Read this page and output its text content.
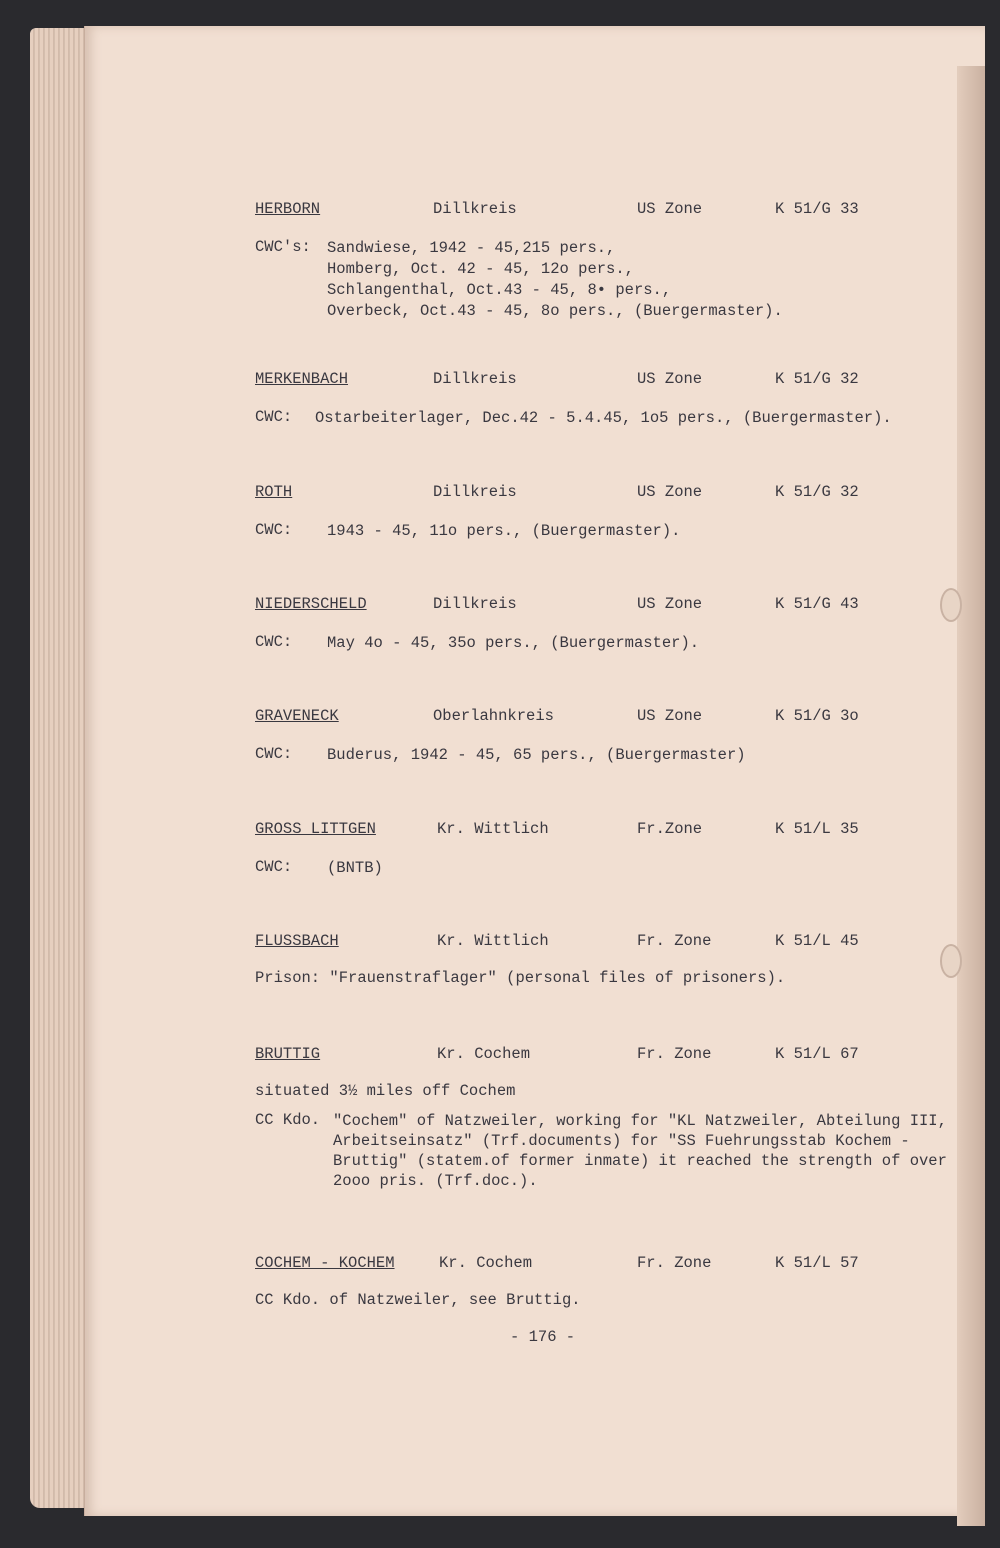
HERBORN	Dillkreis	US Zone	K 51/G 33
CWC's: Sandwiese, 1942 - 45,215 pers.,
Homberg, Oct. 42 - 45, 12o pers.,
Schlangenthal, Oct.43 - 45, 8• pers.,
Overbeck, Oct.43 - 45, 8o pers., (Buergermaster).
MERKENBACH	Dillkreis	US Zone	K 51/G 32
CWC: Ostarbeiterlager, Dec.42 - 5.4.45, 1o5 pers., (Buergermaster).
ROTH	Dillkreis	US Zone	K 51/G 32
CWC: 1943 - 45, 11o pers., (Buergermaster).
NIEDERSCHELD	Dillkreis	US Zone	K 51/G 43
CWC: May 4o - 45, 35o pers., (Buergermaster).
GRAVENECK	Oberlahnkreis	US Zone	K 51/G 3o
CWC: Buderus, 1942 - 45, 65 pers., (Buergermaster)
GROSS LITTGEN	Kr. Wittlich	Fr.Zone	K 51/L 35
CWC: (BNTB)
FLUSSBACH	Kr. Wittlich	Fr. Zone	K 51/L 45
Prison: "Frauenstraflager" (personal files of prisoners).
BRUTTIG	Kr. Cochem	Fr. Zone	K 51/L 67
situated 3½ miles off Cochem
CC Kdo. "Cochem" of Natzweiler, working for "KL Natzweiler, Abteilung III, Arbeitseinsatz" (Trf.documents) for "SS Fuehrungsstab Kochem - Bruttig" (statem.of former inmate) it reached the strength of over 2ooo pris. (Trf.doc.).
COCHEM - KOCHEM	Kr. Cochem	Fr. Zone	K 51/L 57
CC Kdo. of Natzweiler, see Bruttig.
- 176 -
